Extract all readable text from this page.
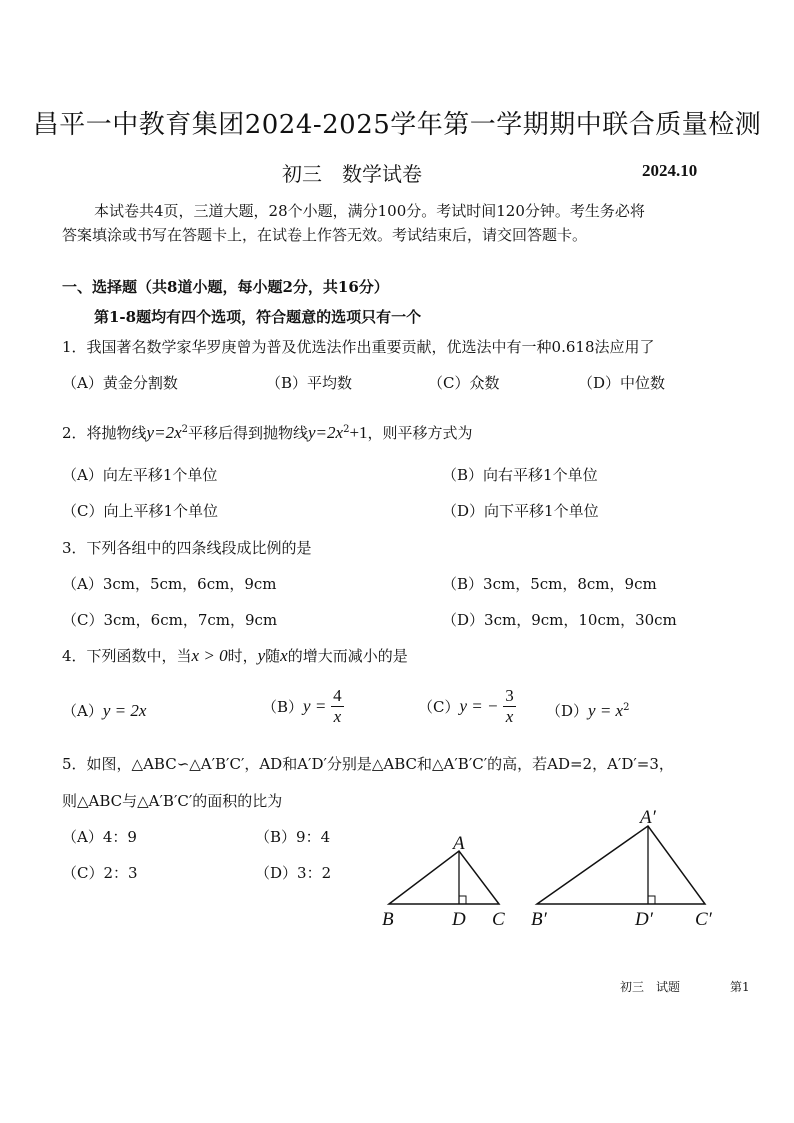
昌平一中教育集团2024-2025学年第一学期期中联合质量检测
初三　数学试卷	2024.10
本试卷共4页，三道大题，28个小题，满分100分。考试时间120分钟。考生务必将
答案填涂或书写在答题卡上，在试卷上作答无效。考试结束后，请交回答题卡。
一、选择题（共8道小题，每小题2分，共16分）
第1-8题均有四个选项，符合题意的选项只有一个
1．我国著名数学家华罗庚曾为普及优选法作出重要贡献，优选法中有一种0.618法应用了
（A）黄金分割数	（B）平均数	（C）众数	（D）中位数
2．将抛物线$y=2x^2$平移后得到抛物线$y=2x^2+1$，则平移方式为
（A）向左平移1个单位	（B）向右平移1个单位
（C）向上平移1个单位	（D）向下平移1个单位
3．下列各组中的四条线段成比例的是
（A）3cm，5cm，6cm，9cm	（B）3cm，5cm，8cm，9cm
（C）3cm，6cm，7cm，9cm	（D）3cm，9cm，10cm，30cm
4．下列函数中，当x > 0时，y随x的增大而减小的是
（A）y = 2x	$(B)y = \frac{4}{x}$	（C）y = − $\frac{3}{x} (D)y = x^2$
5．如图，△ABC∽△A′B′C′，AD和A′D′分别是△ABC和△A′B′C′的高，若AD=2，A′D′=3，
则△ABC与△A′B′C′的面积的比为
（A）4：9	（B）9：4
（C）2：3	（D）3：2
A
B	D C
A′
B′	D′ C′
初三　试题	第1
